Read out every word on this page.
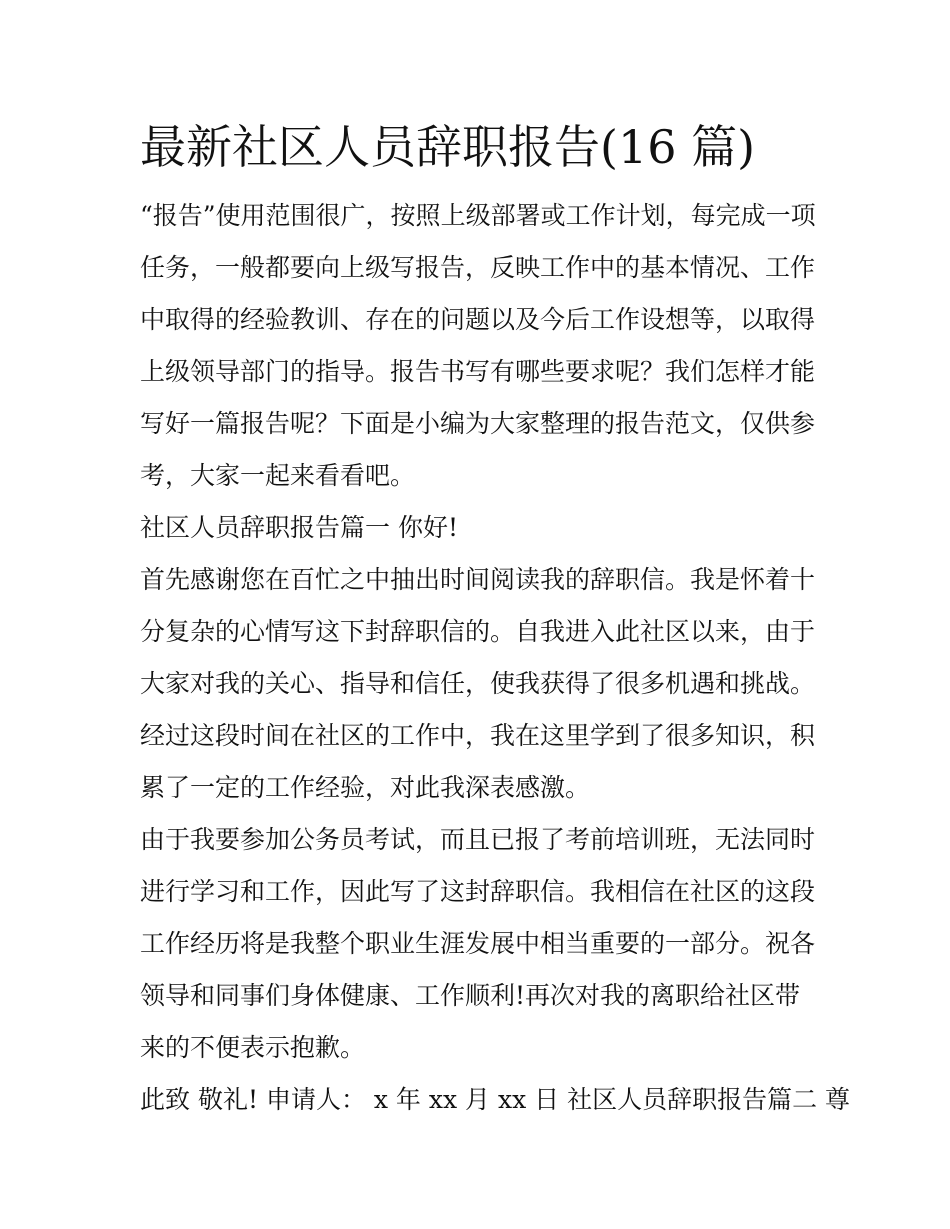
最新社区人员辞职报告(16 篇)
“报告”使用范围很广，按照上级部署或工作计划，每完成一项
任务，一般都要向上级写报告，反映工作中的基本情况、工作
中取得的经验教训、存在的问题以及今后工作设想等，以取得
上级领导部门的指导。报告书写有哪些要求呢？我们怎样才能
写好一篇报告呢？下面是小编为大家整理的报告范文，仅供参
考，大家一起来看看吧。
社区人员辞职报告篇一 你好!
首先感谢您在百忙之中抽出时间阅读我的辞职信。我是怀着十
分复杂的心情写这下封辞职信的。自我进入此社区以来，由于
大家对我的关心、指导和信任，使我获得了很多机遇和挑战。
经过这段时间在社区的工作中，我在这里学到了很多知识，积
累了一定的工作经验，对此我深表感激。
由于我要参加公务员考试，而且已报了考前培训班，无法同时
进行学习和工作，因此写了这封辞职信。我相信在社区的这段
工作经历将是我整个职业生涯发展中相当重要的一部分。祝各
领导和同事们身体健康、工作顺利!再次对我的离职给社区带
来的不便表示抱歉。
此致 敬礼! 申请人： x 年 xx 月 xx 日 社区人员辞职报告篇二 尊
